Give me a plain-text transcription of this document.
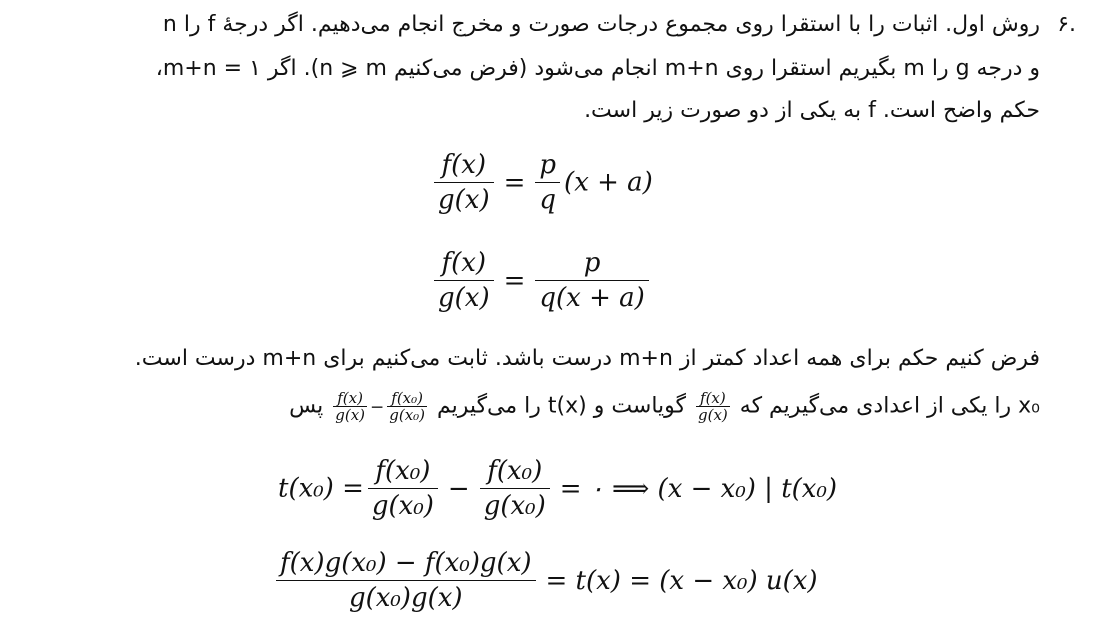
۶.
روش اول. اثبات را با استقرا روی مجموع درجات صورت و مخرج انجام می‌دهیم. اگر درجهٔ f را n
و درجه g را m بگیریم استقرا روی m+n انجام می‌شود (فرض می‌کنیم n ⩾ m). اگر ۱ = m+n،
حکم واضح است. f به یکی از دو صورت زیر است.
$\frac{f(x)}{g(x)} = \frac{p}{q} (x + a)$
$\frac{f(x)}{g(x)} = \frac{p}{q(x + a)}$
فرض کنیم حکم برای همه اعداد کمتر از m+n درست باشد. ثابت می‌کنیم برای m+n درست است.
x₀ را یکی از اعدادی می‌گیریم که
$\frac{f(x)}{g(x)}$
گویاست و t(x) را می‌گیریم
$\frac{f(x)}{g(x)} - \frac{\text{f(x₀)}}{\text{g(x₀)}}$
پس
$t(x_0) = \frac{\text{f(x₀)}}{\text{g(x₀)}} - \frac{\text{f(x₀)}}{\text{g(x₀)}}$ = ۰ ⟹ (x − x₀) | t(x₀)
$\frac{\text{f(x)g(x₀) − f(x₀)g(x)}}{\text{g(x₀)g(x)}} = t(x) = (x - x_0)$ u(x)
